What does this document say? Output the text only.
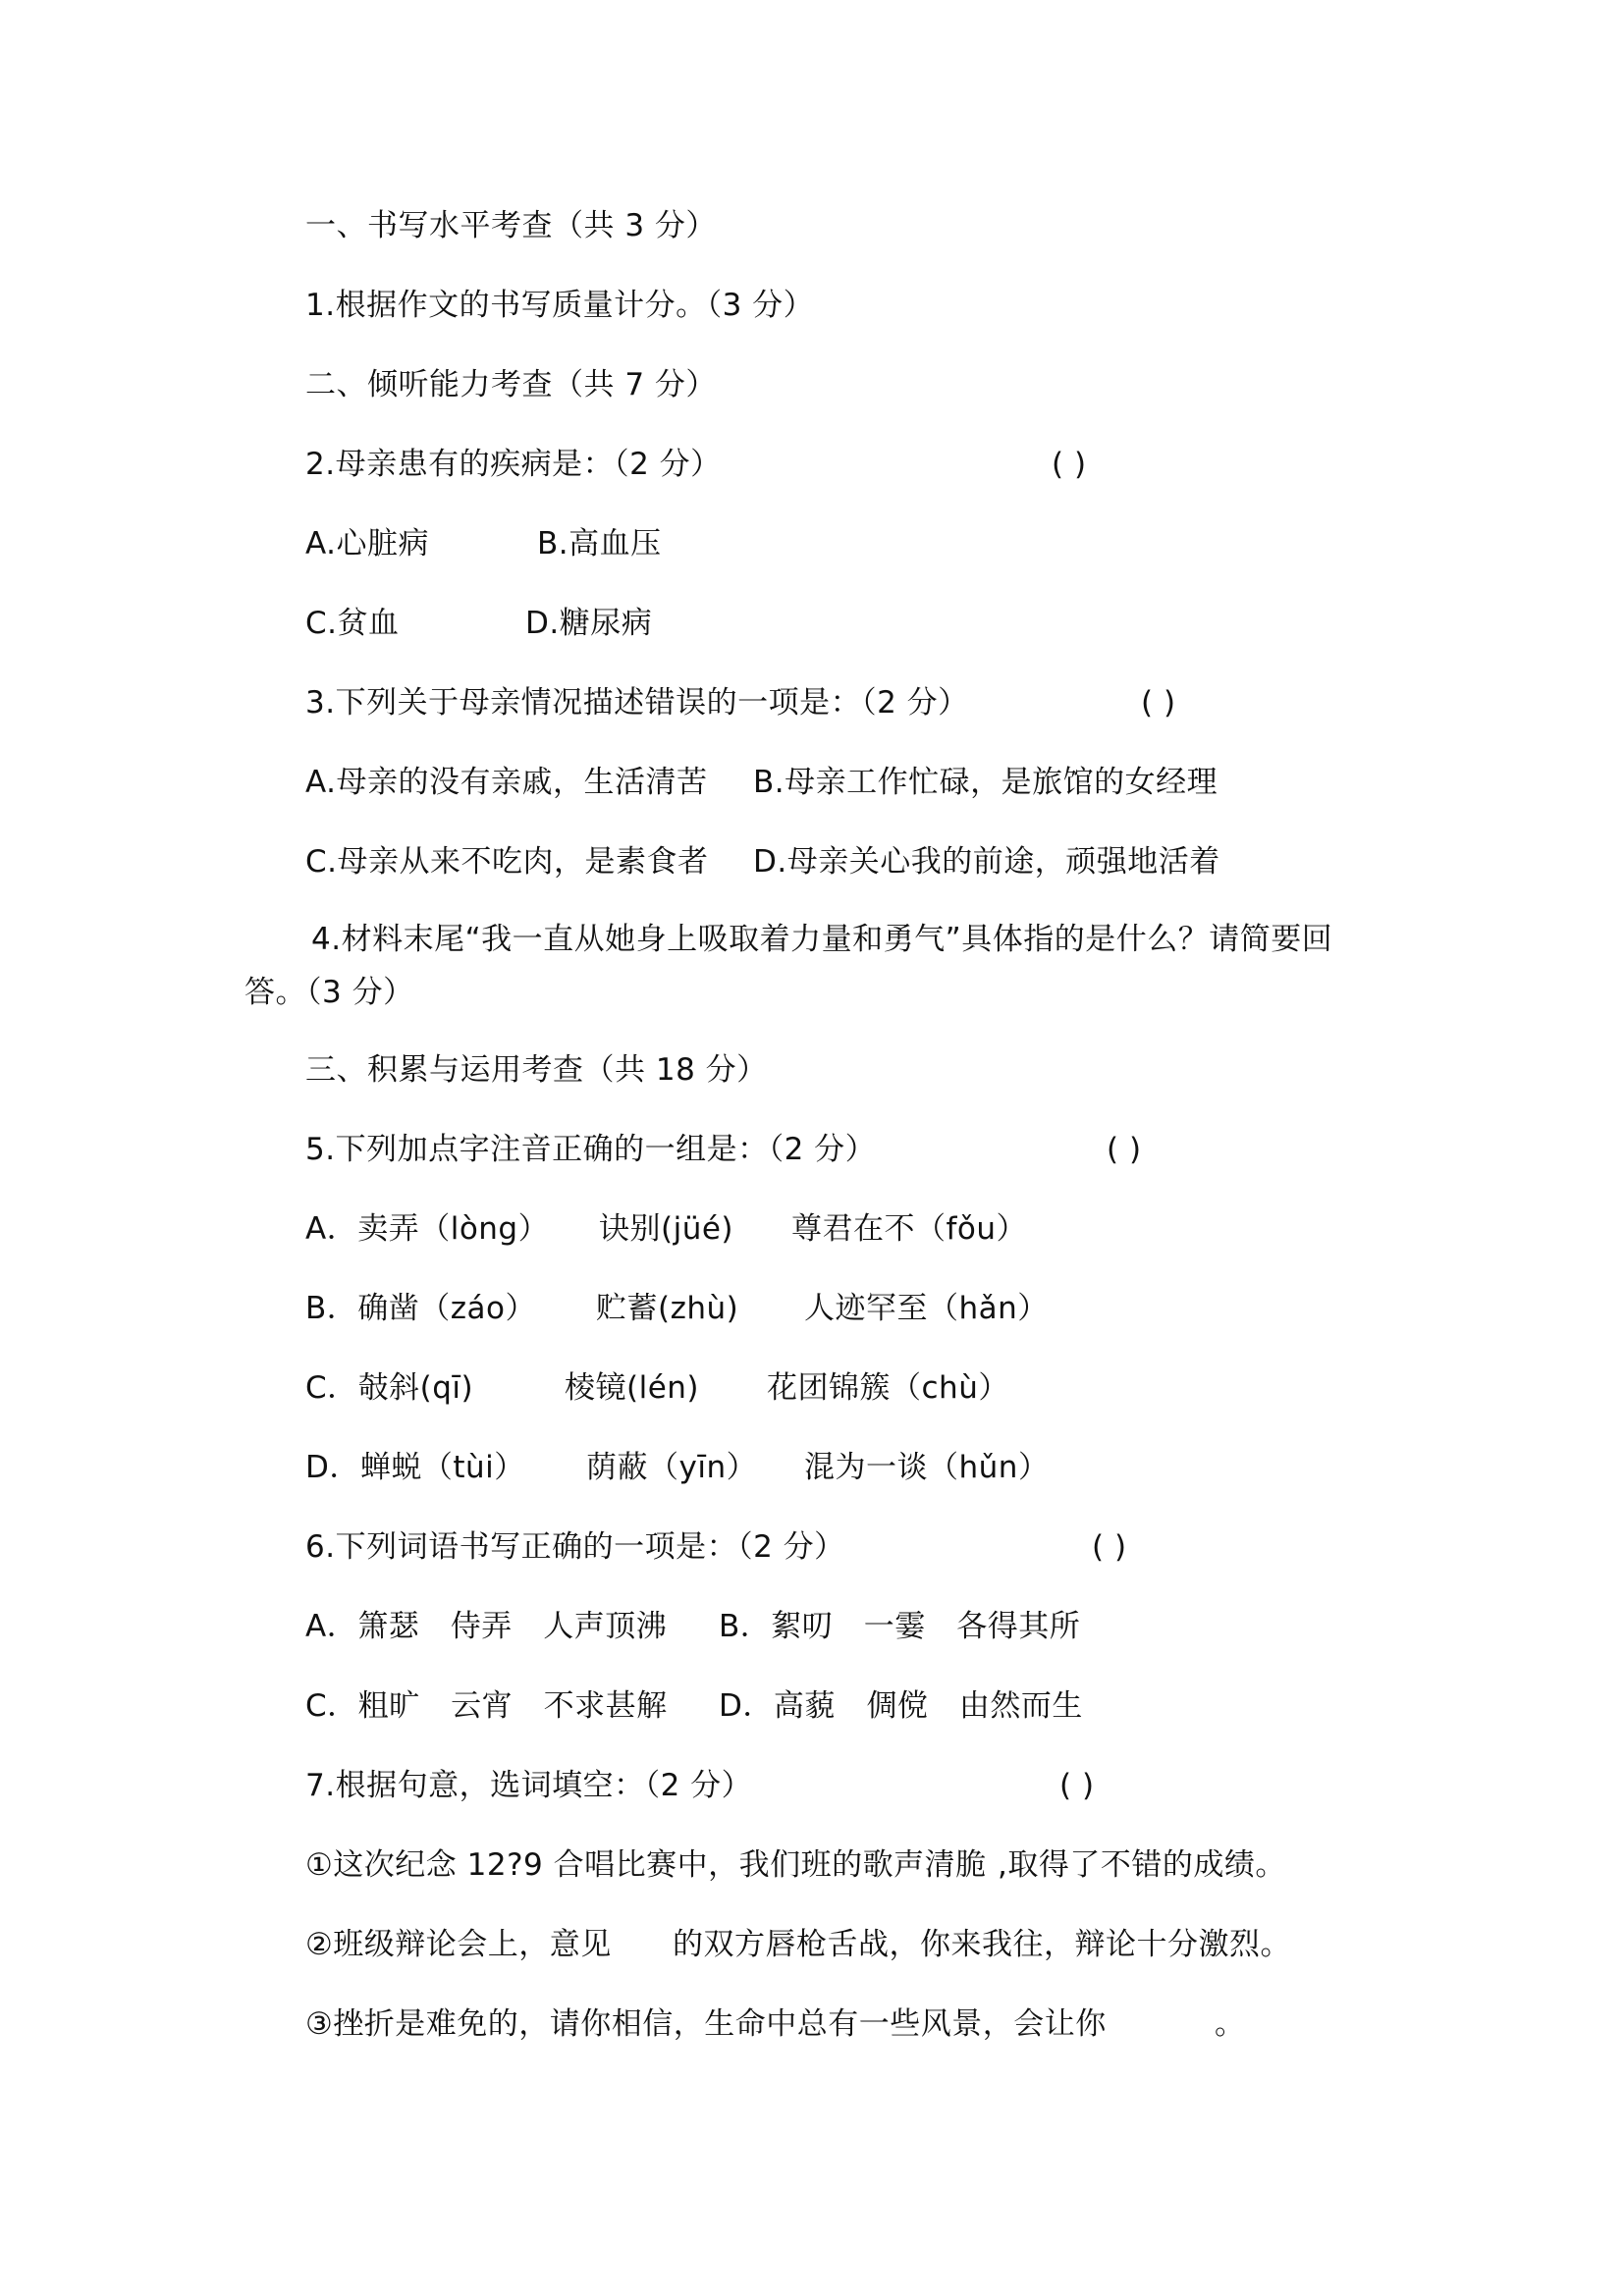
一、书写水平考查（共 3 分）
1.根据作文的书写质量计分。（3 分）
二、倾听能力考查（共 7 分）
2.母亲患有的疾病是：（2 分）	( )
A.心脏病	B.高血压
C.贫血	D.糖尿病
3.下列关于母亲情况描述错误的一项是：（2 分）	( )
A.母亲的没有亲戚，生活清苦 B.母亲工作忙碌，是旅馆的女经理
C.母亲从来不吃肉，是素食者 D.母亲关心我的前途，顽强地活着
4.材料末尾“我一直从她身上吸取着力量和勇气”具体指的是什么？请简要回
答。（3 分）
三、积累与运用考查（共 18 分）
5.下列加点字注音正确的一组是：（2 分）	( )
A．卖弄（lòng） 诀别(jüé) 尊君在不（fǒu）
B．确凿（záo） 贮蓄(zhù) 人迹罕至（hǎn）
C．攲斜(qī)	棱镜(lén) 花团锦簇（chù）
D．蝉蜕（tùi） 荫蔽（yīn） 混为一谈（hǔn）
6.下列词语书写正确的一项是：（2 分）	( )
A．箫瑟　侍弄　人声顶沸 B．絮叨　一霎　各得其所
C．粗旷　云宵　不求甚解 D．高藐　倜傥　由然而生
7.根据句意，选词填空：（2 分）	( )
①这次纪念 12?9 合唱比赛中，我们班的歌声清脆 ,取得了不错的成绩。
②班级辩论会上，意见 的双方唇枪舌战，你来我往，辩论十分激烈。
③挫折是难免的，请你相信，生命中总有一些风景，会让你	。
